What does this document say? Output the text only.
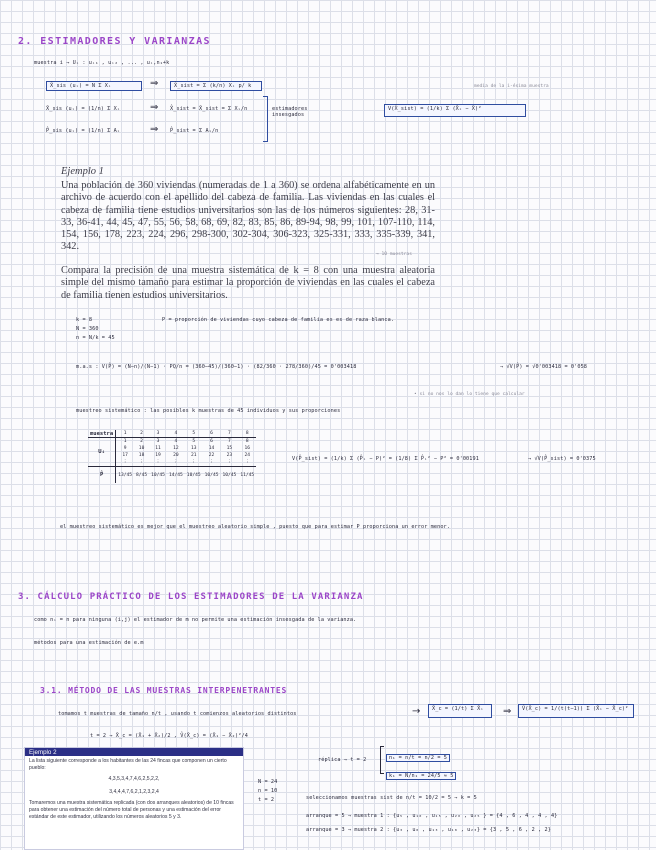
2. ESTIMADORES Y VARIANZAS
muestra i → Uᵢ : uᵢ₁ , uᵢ₂ , ... , uᵢ,n₁+k
X̂_sis (uᵢ) = N Σ Xᵢ	⇒	X̂_sist = Σ (k/n) Xᵢ p/ k
X̄_sis (uᵢ) = (1/n) Σ Xᵢ	⇒ X̂_sist = X̄_sist = Σ Xᵢ/n
P̂_sis (uᵢ) = (1/n) Σ Aᵢ	⇒ P̂_sist = Σ Aᵢ/n
estimadores insesgados
V(X̂_sist) = (1/k) Σ (X̄ᵢ − X̄)²
media de la i-ésima muestra
Ejemplo 1
Una población de 360 viviendas (numeradas de 1 a 360) se ordena alfabéticamente en un archivo de acuerdo con el apellido del cabeza de familia. Las viviendas en las cuales el cabeza de familia tiene estudios universitarios son las de los números siguientes: 28, 31-33, 36-41, 44, 45, 47, 55, 56, 58, 68, 69, 82, 83, 85, 86, 89-94, 98, 99, 101, 107-110, 114, 154, 156, 178, 223, 224, 296, 298-300, 302-304, 306-323, 325-331, 333, 335-339, 341, 342.
→ 10 muestras
Compara la precisión de una muestra sistemática de k = 8 con una muestra aleatoria simple del mismo tamaño para estimar la proporción de viviendas en las cuales el cabeza de familia tienen estudios universitarios.
k = 8
N = 360
n = N/k = 45
P = proporción de viviendas cuyo cabeza de familia es es de raza blanca.
m.a.s : V(P̂) = (N−n)/(N−1) · PQ/n = (360−45)/(360−1) · (82/360 · 278/360)/45 = 0'003418	→ √V(P̂) = √0'003418 = 0'058
• si no nos lo dan lo tiene que calcular
muestreo sistemático : las posibles k muestras de 45 individuos y sus proporciones
muestra	1	2	3	4	5	6	7	8
Uᵢ	1	2	3	4	5	6	7	8
	9	10	11	12	13	14	15	16
	17	18	19	20	21	22	23	24
	⋮	⋮	⋮	⋮	⋮	⋮	⋮	⋮
P̂	13/45	8/45	10/45	14/45	10/45	10/45	10/45	11/45
V(P̂_sist) = (1/k) Σ (P̂ᵢ − P)² = (1/8) Σ P̂ᵢ² − P² = 0'00191	→ √V(P̂_sist) = 0'0375
el muestreo sistemático es mejor que el muestreo aleatorio simple , puesto que para estimar P proporciona un error menor.
3. CÁLCULO PRÁCTICO DE LOS ESTIMADORES DE LA VARIANZA
como nᵢ = n para ninguna (i,j) el estimador de m no permite una estimación insesgada de la varianza.
métodos para una estimación de e.m
3.1. MÉTODO DE LAS MUESTRAS INTERPENETRANTES
tomamos t muestras de tamaño n/t , usando t comienzos aleatorios distintos	→	X̄_c = (1/t) Σ X̄ᵢ	⇒	V̂(X̄_c) = 1/(t(t−1)) Σ (X̄ᵢ − X̄_c)²
t = 2 → X̄_c = (X̄₁ + X̄₂)/2 , V̂(X̄_c) = (X̄₁ − X̄₂)²/4
N = 24
n = 10
t = 2
réplica → t = 2	n₁ = n/t = n/2 = 5
k₁ = N/n₁ = 24/5 ≈ 5
seleccionamos muestras sist de n/t = 10/2 = 5 → k = 5
arranque = 5 → muestra 1 : {u₅ , u₁₀ , u₁₅ , u₂₀ , u₂₅ } = {4 , 6 , 4 , 4 , 4}
arranque = 3 → muestra 2 : {u₃ , u₈ , u₁₃ , u₁₈ , u₂₃} = {3 , 5 , 6 , 2 , 2}
Ejemplo 2
La lista siguiente corresponde a los habitantes de las 24 fincas que componen un cierto pueblo:
4,3,5,3,4,7,4,6,2,5,2,2,
3,4,4,4,7,6,2,1,2,3,2,4
Tomaremos una muestra sistemática replicada (con dos arranques aleatorios) de 10 fincas para obtener una estimación del número total de personas y una estimación del error estándar de este estimador, utilizando los números aleatorios 5 y 3.
